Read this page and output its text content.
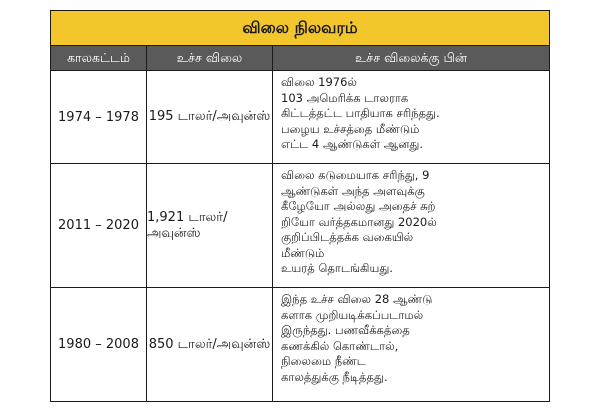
விலை நிலவரம்
காலகட்டம்	உச்ச விலை	உச்ச விலைக்கு பின்
1974 – 1978 195 டாலர்/அவுன்ஸ்
விலை 1976ல்
103 அமெரிக்க டாலராக
கிட்டத்தட்ட பாதியாக சரிந்தது.
பழைய உச்சத்தை மீண்டும்
எட்ட 4 ஆண்டுகள் ஆனது.
2011 – 2020
1,921 டாலர்/அவுன்ஸ்
விலை கடுமையாக சரிந்து, 9
ஆண்டுகள் அந்த அளவுக்கு
கீழேயோ அல்லது அதைச் சுற்
றியோ வர்த்தகமானது 2020ல்
குறிப்பிடத்தக்க வகையில்
மீண்டும்
உயரத் தொடங்கியது.
1980 – 2008 850 டாலர்/அவுன்ஸ்
இந்த உச்ச விலை 28 ஆண்டு
களாக முறியடிக்கப்படாமல்
இருந்தது. பணவீக்கத்தை
கணக்கில் கொண்டால்,
நிலைமை நீண்ட
காலத்துக்கு நீடித்தது.
